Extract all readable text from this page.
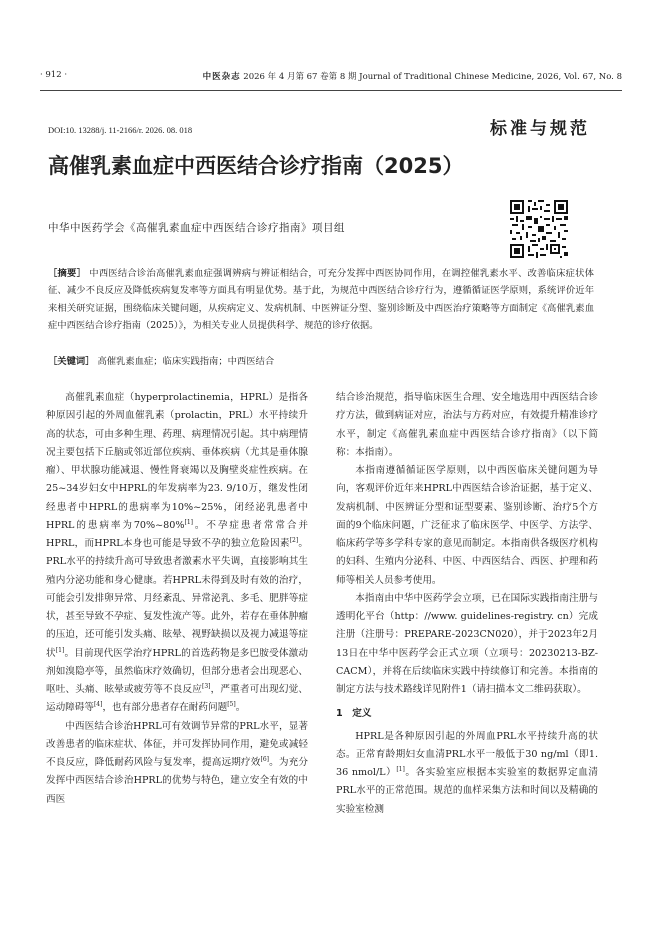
· 912 ·	中医杂志 2026 年 4 月第 67 卷第 8 期 Journal of Traditional Chinese Medicine, 2026, Vol. 67, No. 8
DOI:10. 13288/j. 11-2166/r. 2026. 08. 018	标准与规范
高催乳素血症中西医结合诊疗指南（2025）
中华中医药学会《高催乳素血症中西医结合诊疗指南》项目组
［摘要］ 中西医结合诊治高催乳素血症强调辨病与辨证相结合，可充分发挥中西医协同作用，在调控催乳素水平、改善临床症状体征、减少不良反应及降低疾病复发率等方面具有明显优势。基于此，为规范中西医结合诊疗行为，遵循循证医学原则，系统评价近年来相关研究证据，围绕临床关键问题，从疾病定义、发病机制、中医辨证分型、鉴别诊断及中西医治疗策略等方面制定《高催乳素血症中西医结合诊疗指南（2025）》，为相关专业人员提供科学、规范的诊疗依据。
［关键词］ 高催乳素血症；临床实践指南；中西医结合

高催乳素血症（hyperprolactinemia，HPRL）是指各种原因引起的外周血催乳素（prolactin，PRL）水平持续升高的状态，可由多种生理、药理、病理情况引起。其中病理情况主要包括下丘脑或邻近部位疾病、垂体疾病（尤其是垂体腺瘤）、甲状腺功能减退、慢性肾衰竭以及胸壁炎症性疾病。在25~34岁妇女中HPRL的年发病率为23. 9/10万，继发性闭经患者中HPRL的患病率为10%~25%，闭经泌乳患者中HPRL的患病率为70%~80%[1]。不孕症患者常常合并HPRL，而HPRL本身也可能是导致不孕的独立危险因素[2]。PRL水平的持续升高可导致患者激素水平失调，直接影响其生殖内分泌功能和身心健康。若HPRL未得到及时有效的治疗，可能会引发排卵异常、月经紊乱、异常泌乳、多毛、肥胖等症状，甚至导致不孕症、复发性流产等。此外，若存在垂体肿瘤的压迫，还可能引发头痛、眩晕、视野缺损以及视力减退等症状[1]。目前现代医学治疗HPRL的首选药物是多巴胺受体激动剂如溴隐亭等，虽然临床疗效确切，但部分患者会出现恶心、呕吐、头痛、眩晕或疲劳等不良反应[3]，严重者可出现幻觉、运动障碍等[4]，也有部分患者存在耐药问题[5]。

中西医结合诊治HPRL可有效调节异常的PRL水平，显著改善患者的临床症状、体征，并可发挥协同作用，避免或减轻不良反应，降低耐药风险与复发率，提高远期疗效[6]。为充分发挥中西医结合诊治HPRL的优势与特色，建立安全有效的中西医

结合诊治规范，指导临床医生合理、安全地选用中西医结合诊疗方法，做到病证对应，治法与方药对应，有效提升精准诊疗水平，制定《高催乳素血症中西医结合诊疗指南》（以下简称：本指南）。

本指南遵循循证医学原则，以中西医临床关键问题为导向，客观评价近年来HPRL中西医结合诊治证据，基于定义、发病机制、中医辨证分型和证型要素、鉴别诊断、治疗5个方面的9个临床问题，广泛征求了临床医学、中医学、方法学、临床药学等多学科专家的意见而制定。本指南供各级医疗机构的妇科、生殖内分泌科、中医、中西医结合、西医、护理和药师等相关人员参考使用。

本指南由中华中医药学会立项，已在国际实践指南注册与透明化平台（http：//www. guidelines-registry. cn）完成注册（注册号：PREPARE-2023CN020），并于2023年2月13日在中华中医药学会正式立项（立项号：20230213-BZ-CACM），并将在后续临床实践中持续修订和完善。本指南的制定方法与技术路线详见附件1（请扫描本文二维码获取）。

1　定义

HPRL是各种原因引起的外周血PRL水平持续升高的状态。正常育龄期妇女血清PRL水平一般低于30 ng/ml（即1. 36 nmol/L）[1]。各实验室应根据本实验室的数据界定血清PRL水平的正常范围。规范的血样采集方法和时间以及精确的实验室检测
